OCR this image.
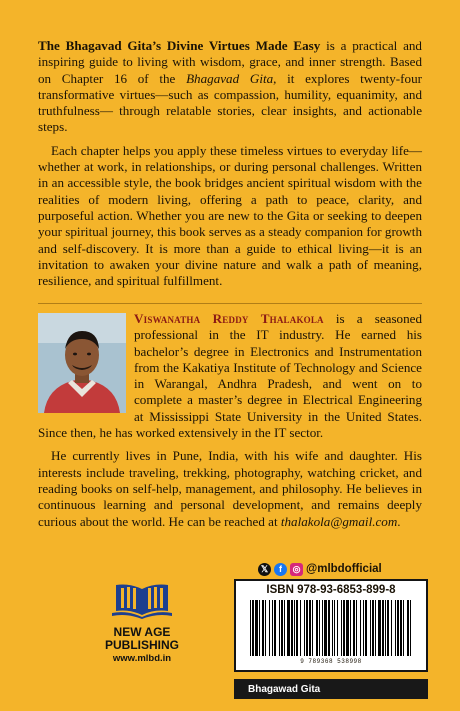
The Bhagavad Gita’s Divine Virtues Made Easy is a practical and inspiring guide to living with wisdom, grace, and inner strength. Based on Chapter 16 of the Bhagavad Gita, it explores twenty-four transformative virtues—such as compassion, humility, equanimity, and truthfulness— through relatable stories, clear insights, and actionable steps.

Each chapter helps you apply these timeless virtues to everyday life—whether at work, in relationships, or during personal challenges. Written in an accessible style, the book bridges ancient spiritual wisdom with the realities of modern living, offering a path to peace, clarity, and purposeful action. Whether you are new to the Gita or seeking to deepen your spiritual journey, this book serves as a steady companion for growth and self-discovery. It is more than a guide to ethical living—it is an invitation to awaken your divine nature and walk a path of meaning, resilience, and spiritual fulfillment.

Viswanatha Reddy Thalakola is a seasoned professional in the IT industry. He earned his bachelor’s degree in Electronics and Instrumentation from the Kakatiya Institute of Technology and Science in Warangal, Andhra Pradesh, and went on to complete a master’s degree in Electrical Engineering at Mississippi State University in the United States. Since then, he has worked extensively in the IT sector.

He currently lives in Pune, India, with his wife and daughter. His interests include traveling, trekking, photography, watching cricket, and reading books on self-help, management, and philosophy. He believes in continuous learning and personal development, and remains deeply curious about the world. He can be reached at thalakola@gmail.com.

NEW AGE
PUBLISHING
www.mlbd.in
𝕏	f	◎ @mlbdofficial
ISBN 978-93-6853-899-8
9 789368 538998
Bhagawad Gita
